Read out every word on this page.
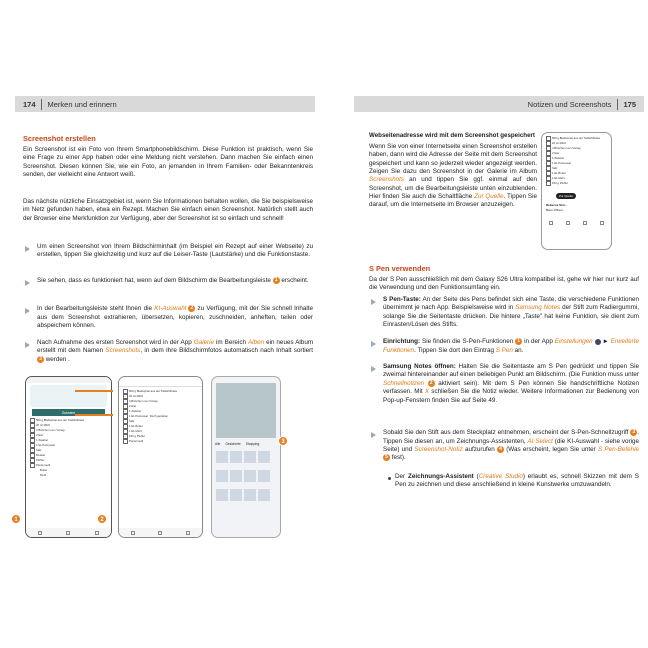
174	Merken und erinnern
Screenshot erstellen
Ein Screenshot ist ein Foto von Ihrem Smartphonebildschirm. Diese Funktion ist praktisch, wenn Sie eine Frage zu einer App haben oder eine Meldung nicht verstehen. Dann machen Sie einfach einen Screenshot. Diesen können Sie, wie ein Foto, an jemanden in Ihrem Familien- oder Bekanntenkreis senden, der vielleicht eine Antwort weiß.
Das nächste nützliche Einsatzgebiet ist, wenn Sie Informationen behalten wollen, die Sie beispielsweise im Netz gefunden haben, etwa ein Rezept. Machen Sie einfach einen Screenshot. Natürlich stellt auch der Browser eine Merkfunktion zur Verfügung, aber der Screenshot ist so einfach und schnell!
Um einen Screenshot von Ihrem Bildschirminhalt (im Beispiel ein Rezept auf einer Webseite) zu erstellen, tippen Sie gleichzeitig und kurz auf die Leiser-Taste (Lautstärke) und die Funktionstaste.
Sie sehen, dass es funktioniert hat, wenn auf dem Bildschirm die Bearbeitungsleiste 1 erscheint.
In der Bearbeitungsleiste steht Ihnen die KI-Auswahl 2 zu Verfügung, mit der Sie schnell Inhalte aus dem Screenshot extrahieren, übersetzen, kopieren, zuschneiden, anheften, teilen oder abspeichern können.
Nach Aufnahme des ersten Screenshot wird in der App Galerie im Bereich Alben ein neues Album erstellt mit dem Namen Screenshots, in dem Ihre Bildschirmfotos automatisch nach Inhalt sortiert 3 werden .
Zutaten
500 g Blattspinat aus der Tiefkühltheke
20 ml Milch
4 Brötchen vom Vortag
2 Eier
1 Zwiebel
1 EL Parmesan
Salz
Muskat
Pfeffer
Paniermehl
Butter
Mehl
1	2
500 g Blattspinat aus der Tiefkühltheke
20 ml Milch
4 Brötchen vom Vortag
2 Eier
1 Zwiebel
1 EL Parmesan, frisch gerieben
Salz
1 EL Butter
1 EL Mehl
150 g Pfeffer
Paniermehl
Alle Gesicherte Shopping
	3
Notizen und Screenshots	175
Webseitenadresse wird mit dem Screenshot gespeichert
Wenn Sie von einer Internetseite einen Screenshot erstellen haben, dann wird die Adresse der Seite mit dem Screenshot gespeichert und kann so jederzeit wieder angezeigt werden. Zeigen Sie dazu den Screenshot in der Galerie im Album Screenshots an und tippen Sie ggf. einmal auf den Screenshot, um die Bearbeitungsleiste unten einzublenden. Hier finden Sie auch die Schaltfläche Zur Quelle. Tippen Sie darauf, um die Internetseite im Browser anzuzeigen.
500 g Blattspinat aus der Tiefkühltheke
20 ml Milch
4 Brötchen vom Vortag
2 Eier
1 Zwiebel
1 EL Parmesan
Salz
1 EL Butter
1 EL Mehl
150 g Pfeffer
Zur Quelle
Rebecca Stör...
Beim Öffnen...
S Pen verwenden
Da der S Pen ausschließlich mit dem Galaxy S26 Ultra kompatibel ist, gehe wir hier nur kurz auf die Verwendung und den Funktionsumfang ein.
S Pen-Taste: An der Seite des Pens befindet sich eine Taste, die verschiedene Funktionen übernimmt je nach App. Beispielsweise wird in Samsung Notes der Stift zum Radiergummi, solange Sie die Seitentaste drücken. Die hintere „Taste" hat keine Funktion, sie dient zum Einrasten/Lösen des Stifts.
Einrichtung: Sie finden die S-Pen-Funktionen 1 in der App Einstellungen ► Erweiterte Funktionen. Tippen Sie dort den Eintrag S Pen an.
Samsung Notes öffnen: Halten Sie die Seitentaste am S Pen gedrückt und tippen Sie zweimal hintereinander auf einen beliebigen Punkt am Bildschirm. (Die Funktion muss unter Schnellnotizen 2 aktiviert sein). Mit dem S Pen können Sie handschriftliche Notizen verfassen. Mit X schließen Sie die Notiz wieder. Weitere Informationen zur Bedienung von Pop-up-Fenstern finden Sie auf Seite 49.
Sobald Sie den Stift aus dem Steckplatz entnehmen, erscheint der S-Pen-Schnellzugriff 3 . Tippen Sie diesen an, um Zeichnungs-Assistenten, AI Select (die KI-Auswahl - siehe vorige Seite) und Screenshot-Notiz aufzurufen 4 (Was erscheint, legen Sie unter S Pen-Befehle 5 fest).
Der Zeichnungs-Assistent (Creative Studio) erlaubt es, schnell Skizzen mit dem S Pen zu zeichnen und diese anschließend in kleine Kunstwerke umzuwandeln.
